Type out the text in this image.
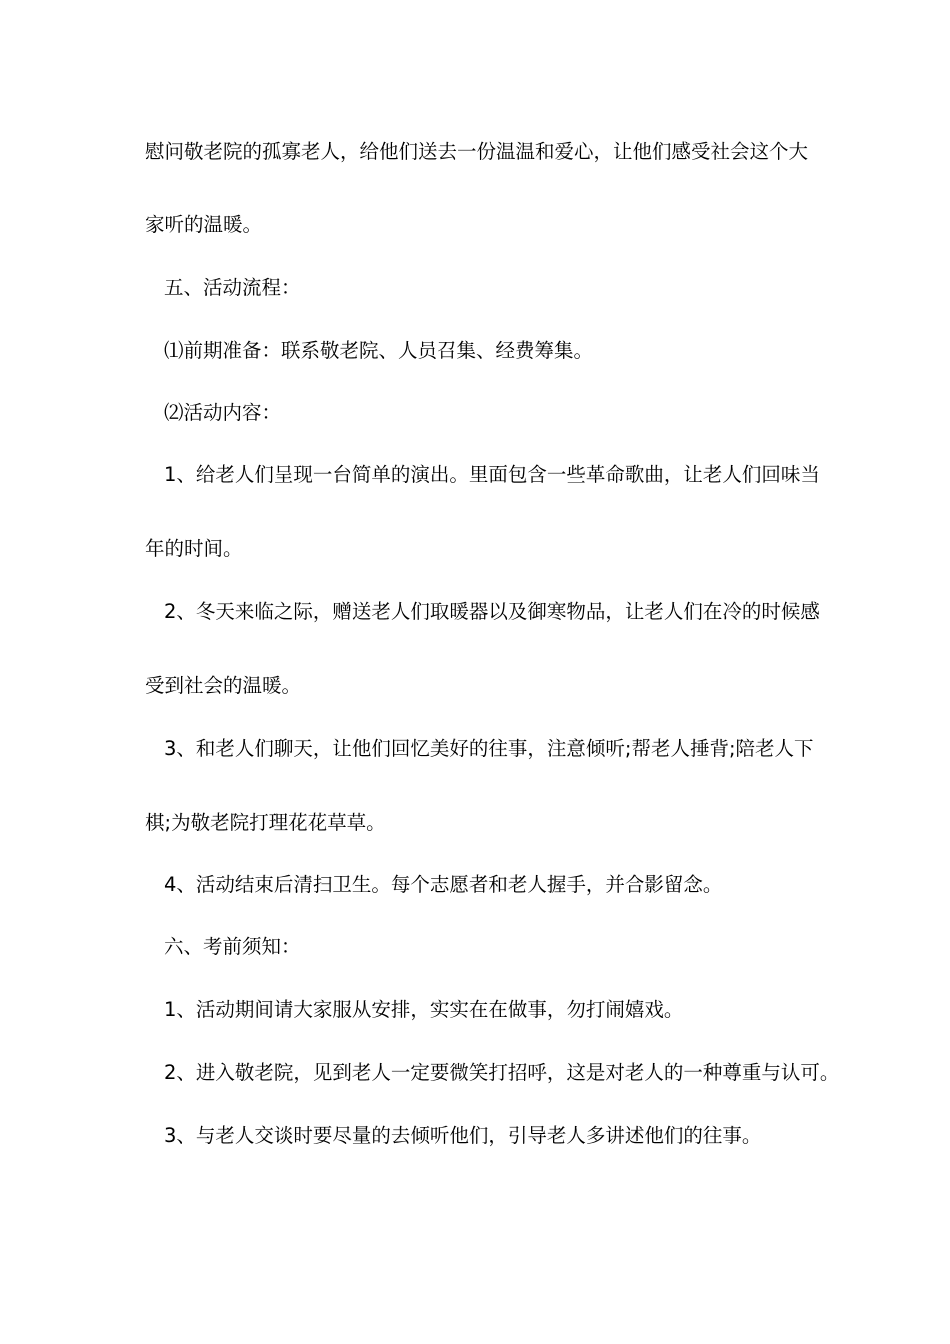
慰问敬老院的孤寡老人，给他们送去一份温温和爱心，让他们感受社会这个大
家听的温暖。
五、活动流程：
⑴前期准备：联系敬老院、人员召集、经费筹集。
⑵活动内容：
1、给老人们呈现一台简单的演出。里面包含一些革命歌曲，让老人们回味当
年的时间。
2、冬天来临之际，赠送老人们取暖器以及御寒物品，让老人们在冷的时候感
受到社会的温暖。
3、和老人们聊天，让他们回忆美好的往事，注意倾听;帮老人捶背;陪老人下
棋;为敬老院打理花花草草。
4、活动结束后清扫卫生。每个志愿者和老人握手，并合影留念。
六、考前须知：
1、活动期间请大家服从安排，实实在在做事，勿打闹嬉戏。
2、进入敬老院，见到老人一定要微笑打招呼，这是对老人的一种尊重与认可。
3、与老人交谈时要尽量的去倾听他们，引导老人多讲述他们的往事。
